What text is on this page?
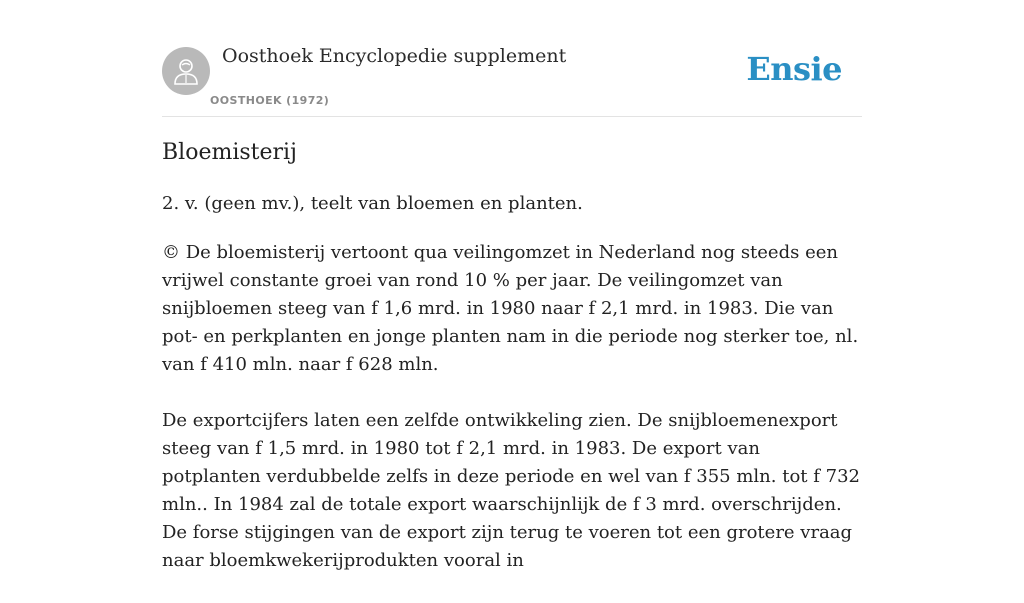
Oosthoek Encyclopedie supplement
OOSTHOEK (1972)
Ensie
Bloemisterij
2. v. (geen mv.), teelt van bloemen en planten.

© De bloemisterij vertoont qua veilingomzet in Nederland nog steeds een vrijwel constante groei van rond 10 % per jaar. De veilingomzet van snijbloemen steeg van f 1,6 mrd. in 1980 naar f 2,1 mrd. in 1983. Die van pot- en perkplanten en jonge planten nam in die periode nog sterker toe, nl. van f 410 mln. naar f 628 mln.

De exportcijfers laten een zelfde ontwikkeling zien. De snijbloemenexport steeg van f 1,5 mrd. in 1980 tot f 2,1 mrd. in 1983. De export van potplanten verdubbelde zelfs in deze periode en wel van f 355 mln. tot f 732 mln.. In 1984 zal de totale export waarschijnlijk de f 3 mrd. overschrijden. De forse stijgingen van de export zijn terug te voeren tot een grotere vraag naar bloemkwekerijprodukten vooral in
